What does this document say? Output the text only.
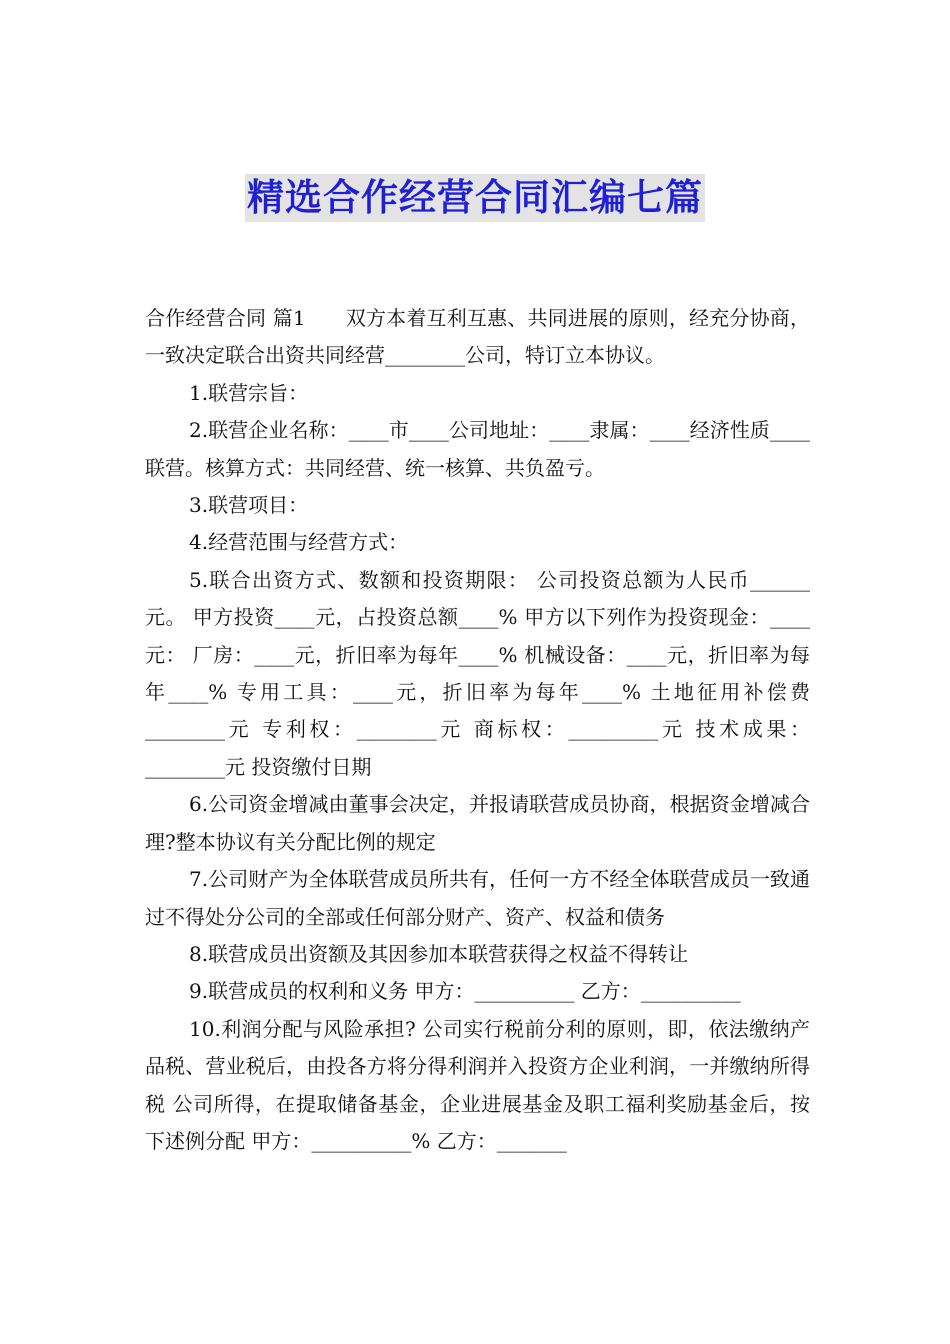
精选合作经营合同汇编七篇

合作经营合同 篇1 双方本着互利互惠、共同进展的原则，经充分协商，一致决定联合出资共同经营________公司，特订立本协议。

1.联营宗旨：

2.联营企业名称：____市____公司地址：____隶属：____经济性质____联营。核算方式：共同经营、统一核算、共负盈亏。

3.联营项目：

4.经营范围与经营方式：

5.联合出资方式、数额和投资期限： 公司投资总额为人民币______元。 甲方投资____元，占投资总额____% 甲方以下列作为投资现金：____元： 厂房：____元，折旧率为每年____% 机械设备：____元，折旧率为每年____% 专用工具：____元，折旧率为每年____% 土地征用补偿费________元 专利权：________元 商标权：_________元 技术成果：________元 投资缴付日期

6.公司资金增减由董事会决定，并报请联营成员协商，根据资金增减合理?整本协议有关分配比例的规定

7.公司财产为全体联营成员所共有，任何一方不经全体联营成员一致通过不得处分公司的全部或任何部分财产、资产、权益和债务

8.联营成员出资额及其因参加本联营获得之权益不得转让

9.联营成员的权利和义务 甲方：__________ 乙方：__________

10.利润分配与风险承担? 公司实行税前分利的原则，即，依法缴纳产品税、营业税后，由投各方将分得利润并入投资方企业利润，一并缴纳所得税 公司所得，在提取储备基金，企业进展基金及职工福利奖励基金后，按下述例分配 甲方：__________% 乙方：_______
